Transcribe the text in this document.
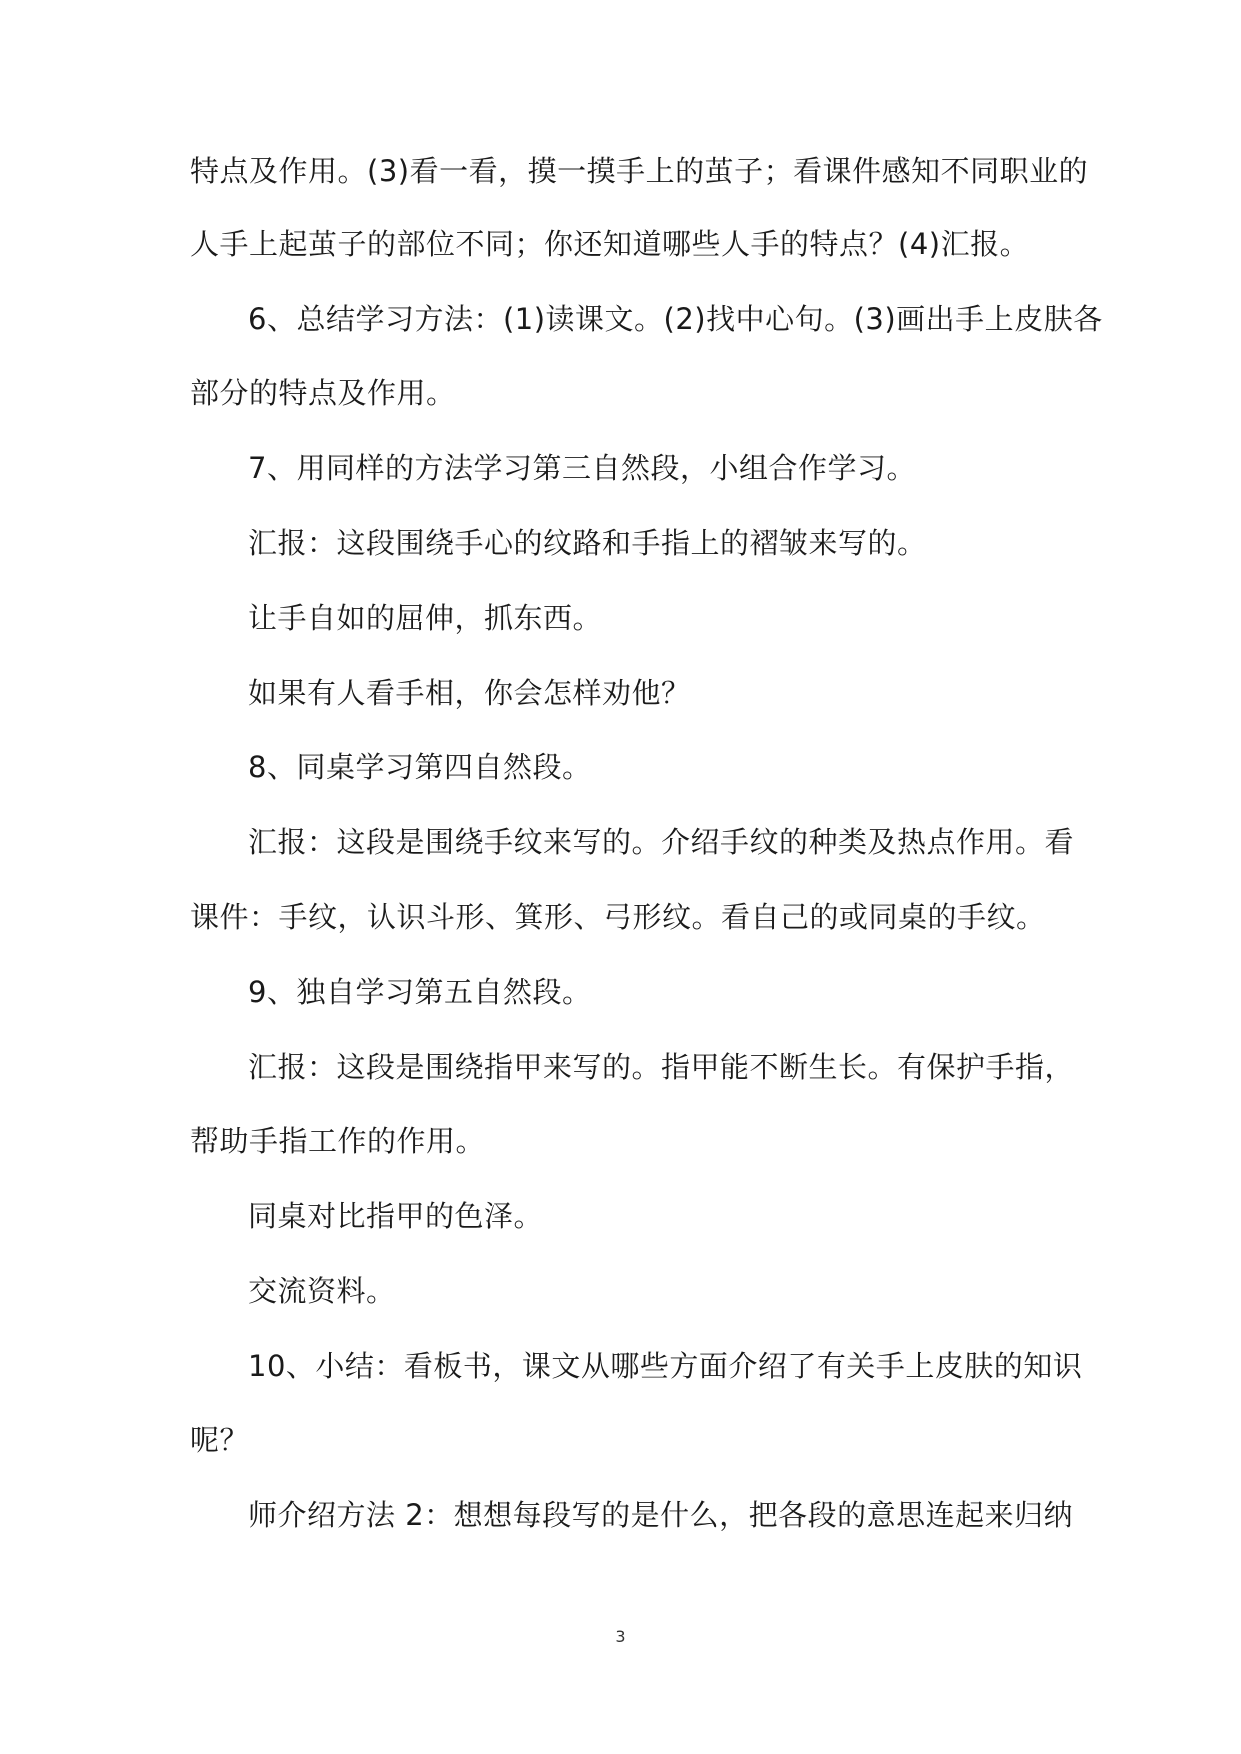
特点及作用。(3)看一看，摸一摸手上的茧子；看课件感知不同职业的
人手上起茧子的部位不同；你还知道哪些人手的特点？(4)汇报。
6、总结学习方法：(1)读课文。(2)找中心句。(3)画出手上皮肤各
部分的特点及作用。
7、用同样的方法学习第三自然段，小组合作学习。
汇报：这段围绕手心的纹路和手指上的褶皱来写的。
让手自如的屈伸，抓东西。
如果有人看手相，你会怎样劝他？
8、同桌学习第四自然段。
汇报：这段是围绕手纹来写的。介绍手纹的种类及热点作用。看
课件：手纹，认识斗形、箕形、弓形纹。看自己的或同桌的手纹。
9、独自学习第五自然段。
汇报：这段是围绕指甲来写的。指甲能不断生长。有保护手指，
帮助手指工作的作用。
同桌对比指甲的色泽。
交流资料。
10、小结：看板书，课文从哪些方面介绍了有关手上皮肤的知识
呢？
师介绍方法 2：想想每段写的是什么，把各段的意思连起来归纳
3
